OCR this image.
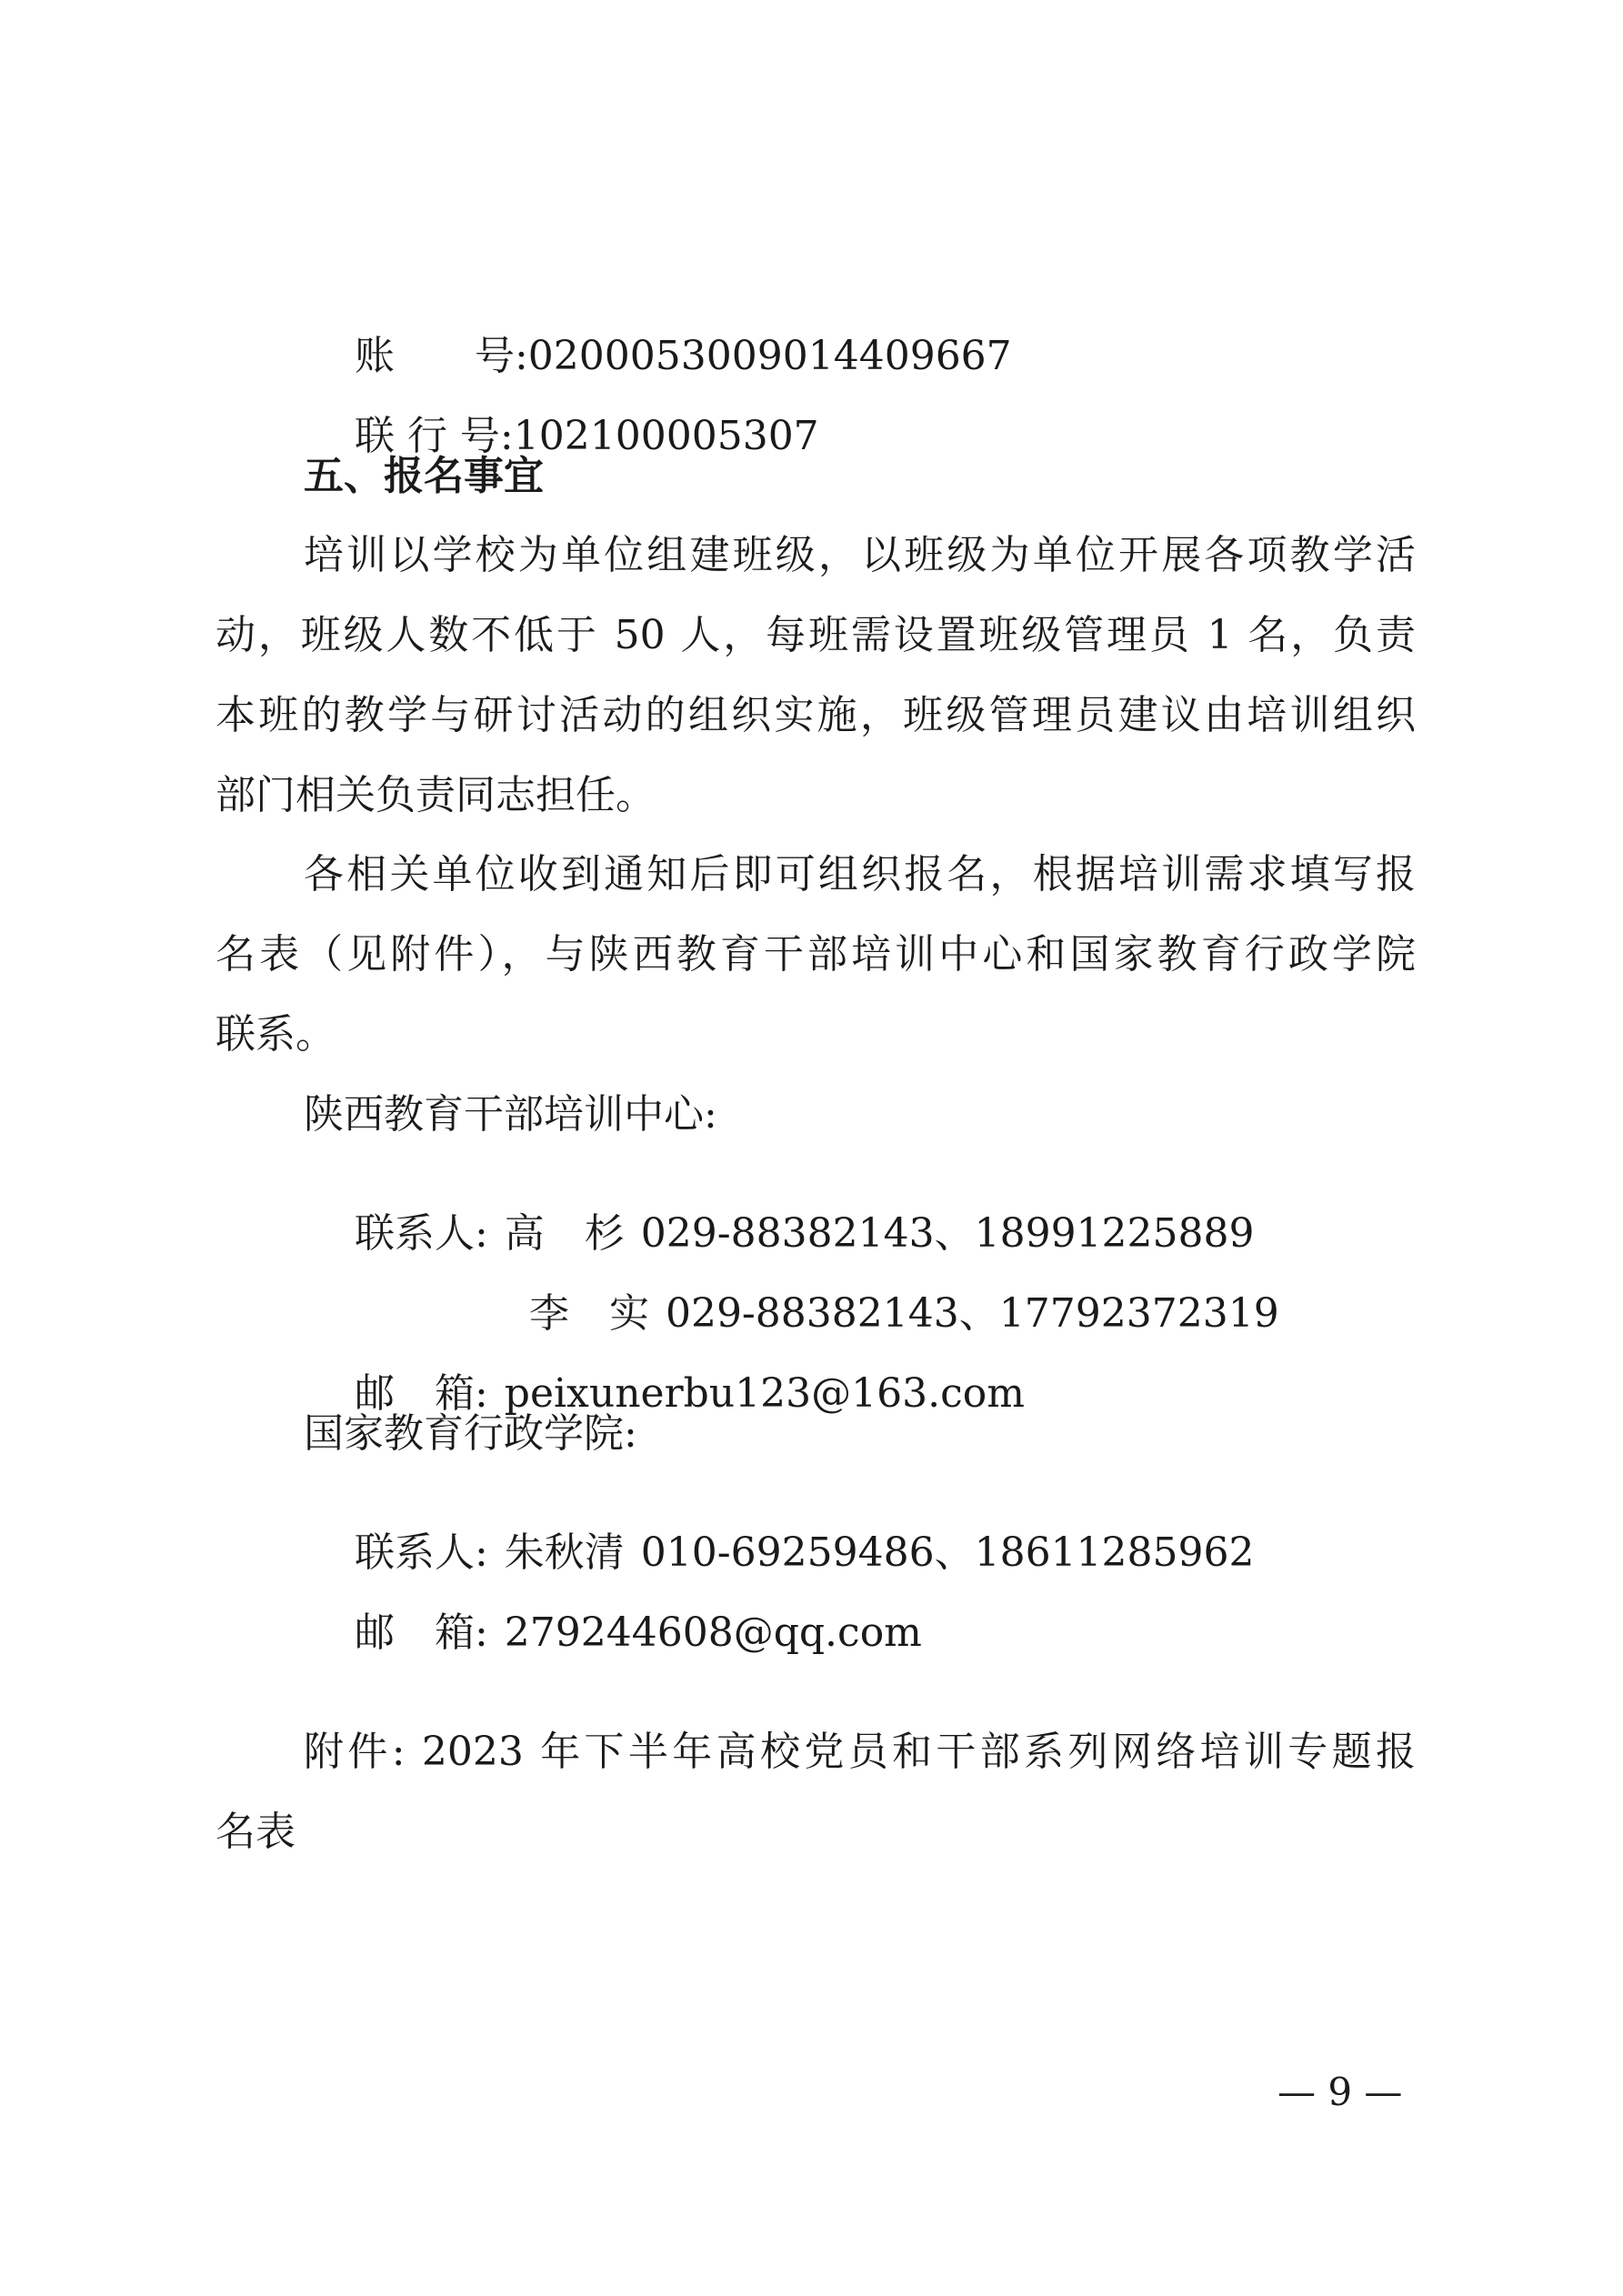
账　　号:0200053009014409667

联 行 号:102100005307

五、报名事宜
培训以学校为单位组建班级，以班级为单位开展各项教学活
动，班级人数不低于 50 人，每班需设置班级管理员 1 名，负责
本班的教学与研讨活动的组织实施，班级管理员建议由培训组织
部门相关负责同志担任。
各相关单位收到通知后即可组织报名，根据培训需求填写报
名表（见附件），与陕西教育干部培训中心和国家教育行政学院
联系。
陕西教育干部培训中心:

联系人: 高　杉 029-88382143、18991225889

李　实 029-88382143、17792372319

邮　箱: peixunerbu123@163.com

国家教育行政学院:

联系人: 朱秋清 010-69259486、18611285962

邮　箱: 279244608@qq.com

附件: 2023 年下半年高校党员和干部系列网络培训专题报
名表
— 9 —
